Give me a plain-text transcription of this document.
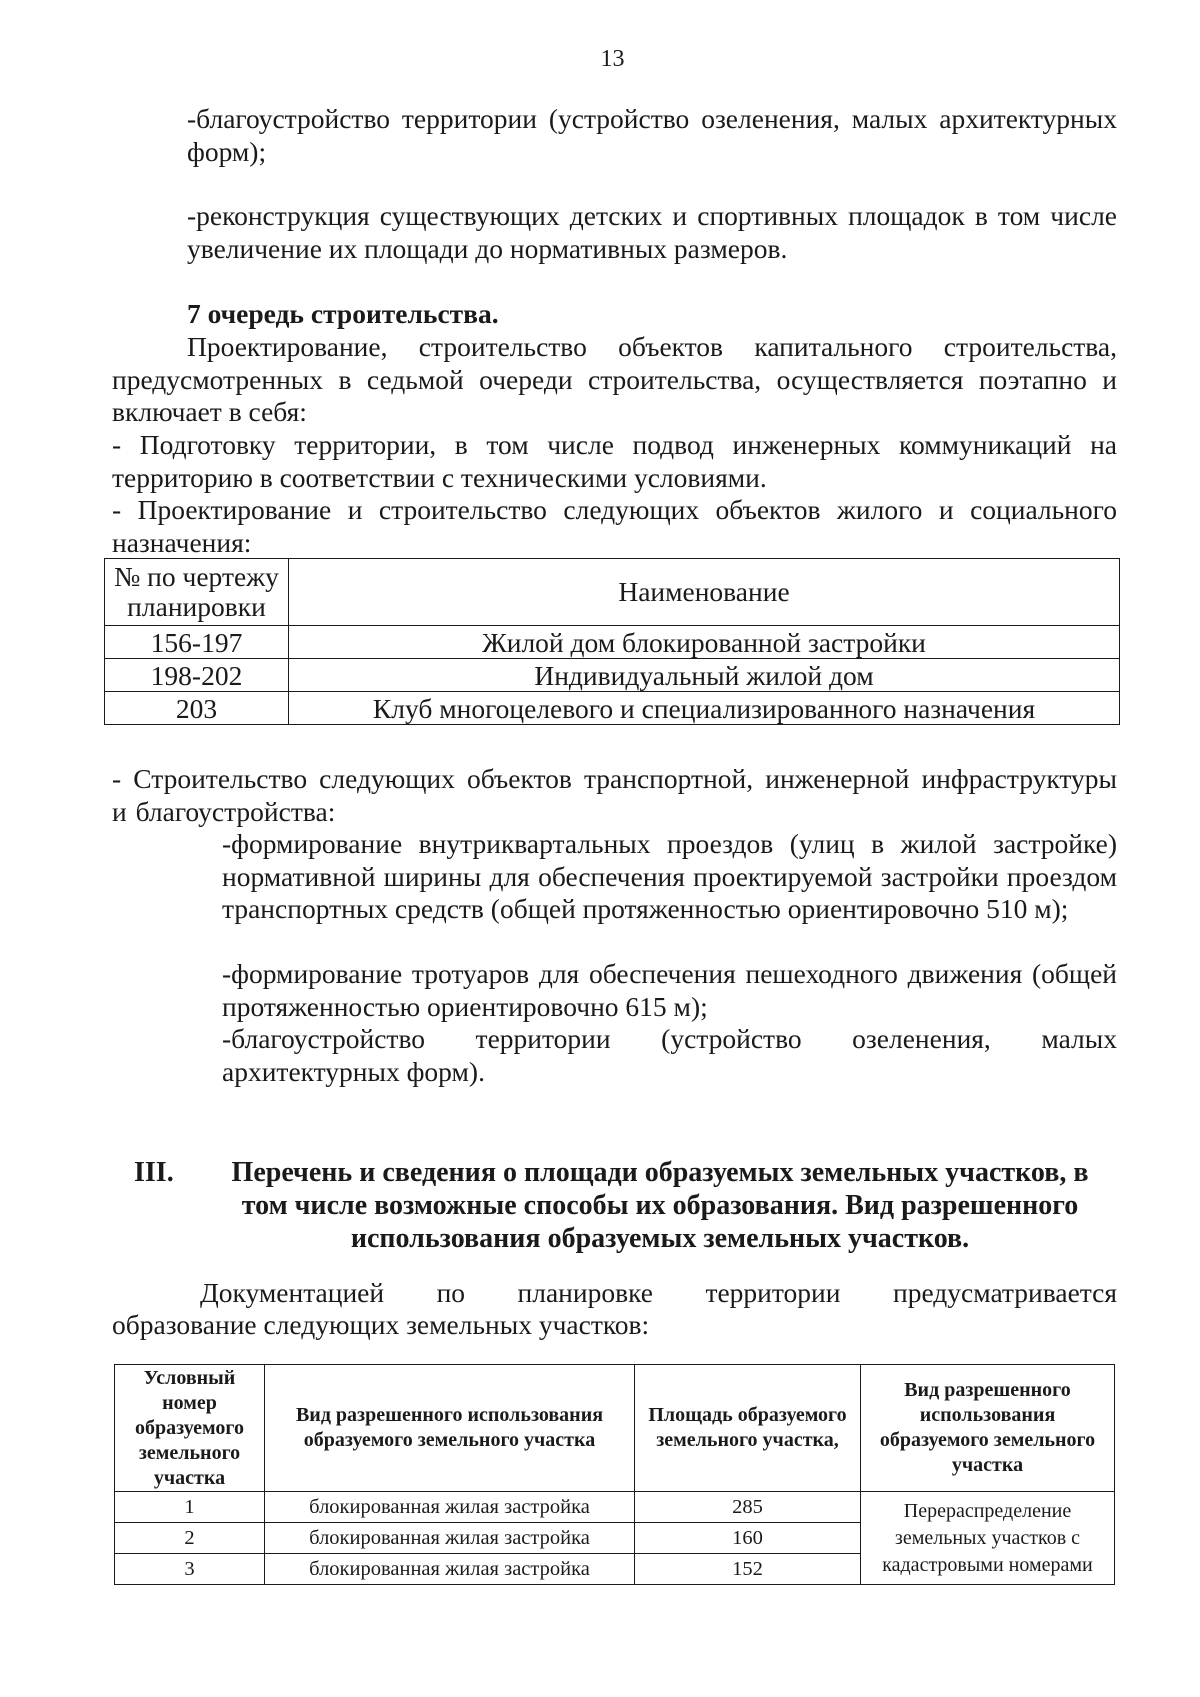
13
-благоустройство территории (устройство озеленения, малых архитектурных форм);
-реконструкция существующих детских и спортивных площадок в том числе увеличение их площади до нормативных размеров.
7 очередь строительства.
Проектирование, строительство объектов капитального строительства, предусмотренных в седьмой очереди строительства, осуществляется поэтапно и включает в себя:
- Подготовку территории, в том числе подвод инженерных коммуникаций на территорию в соответствии с техническими условиями.
- Проектирование и строительство следующих объектов жилого и социального назначения:
№ по чертежу планировки	Наименование
156-197	Жилой дом блокированной застройки
198-202	Индивидуальный жилой дом
203	Клуб многоцелевого и специализированного назначения
- Строительство следующих объектов транспортной, инженерной инфраструктуры и благоустройства:
-формирование внутриквартальных проездов (улиц в жилой застройке) нормативной ширины для обеспечения проектируемой застройки проездом транспортных средств (общей протяженностью ориентировочно 510 м);
-формирование тротуаров для обеспечения пешеходного движения (общей протяженностью ориентировочно 615 м);
-благоустройство территории (устройство озеленения, малых архитектурных форм).
III.	Перечень и сведения о площади образуемых земельных участков, в
том числе возможные способы их образования. Вид разрешенного
использования образуемых земельных участков.
Документацией по планировке территории предусматривается
образование следующих земельных участков:
Условный номер образуемого земельного участка	Вид разрешенного использования образуемого земельного участка	Площадь образуемого земельного участка,	Вид разрешенного использования образуемого земельного участка
1	блокированная жилая застройка	285	Перераспределение земельных участков с кадастровыми номерами
2	блокированная жилая застройка	160	
3	блокированная жилая застройка	152	
